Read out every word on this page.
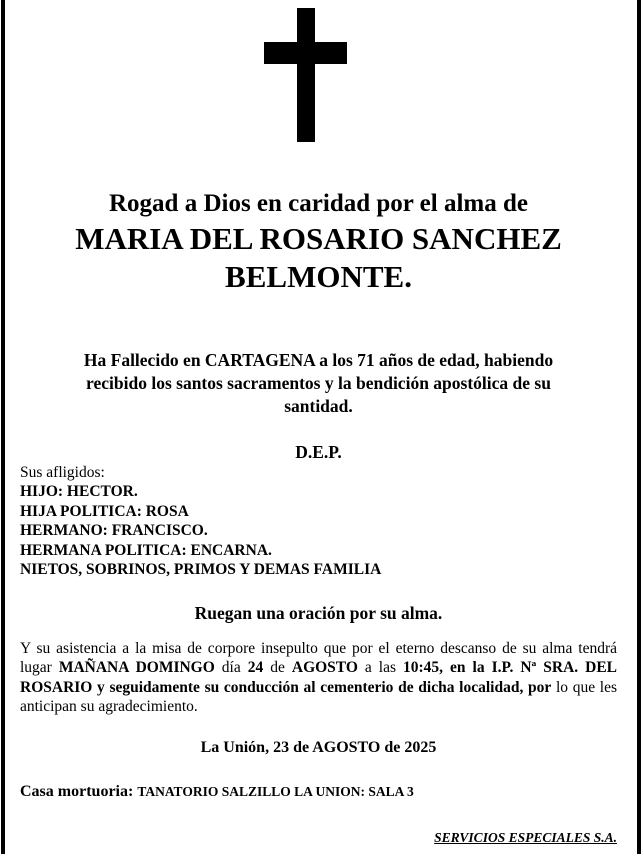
Rogad a Dios en caridad por el alma de
MARIA DEL ROSARIO SANCHEZ
BELMONTE.
Ha Fallecido en CARTAGENA a los 71 años de edad, habiendo
recibido los santos sacramentos y la bendición apostólica de su
santidad.
D.E.P.
Sus afligidos:
HIJO: HECTOR.
HIJA POLITICA: ROSA
HERMANO: FRANCISCO.
HERMANA POLITICA: ENCARNA.
NIETOS, SOBRINOS, PRIMOS Y DEMAS FAMILIA
Ruegan una oración por su alma.
Y su asistencia a la misa de corpore insepulto que por el eterno descanso de su alma tendrá lugar MAÑANA DOMINGO día 24 de AGOSTO a las 10:45, en la I.P. Nª SRA. DEL ROSARIO y seguidamente su conducción al cementerio de dicha localidad, por lo que les anticipan su agradecimiento.
La Unión, 23 de AGOSTO de 2025
Casa mortuoria: TANATORIO SALZILLO LA UNION: SALA 3
SERVICIOS ESPECIALES S.A.
